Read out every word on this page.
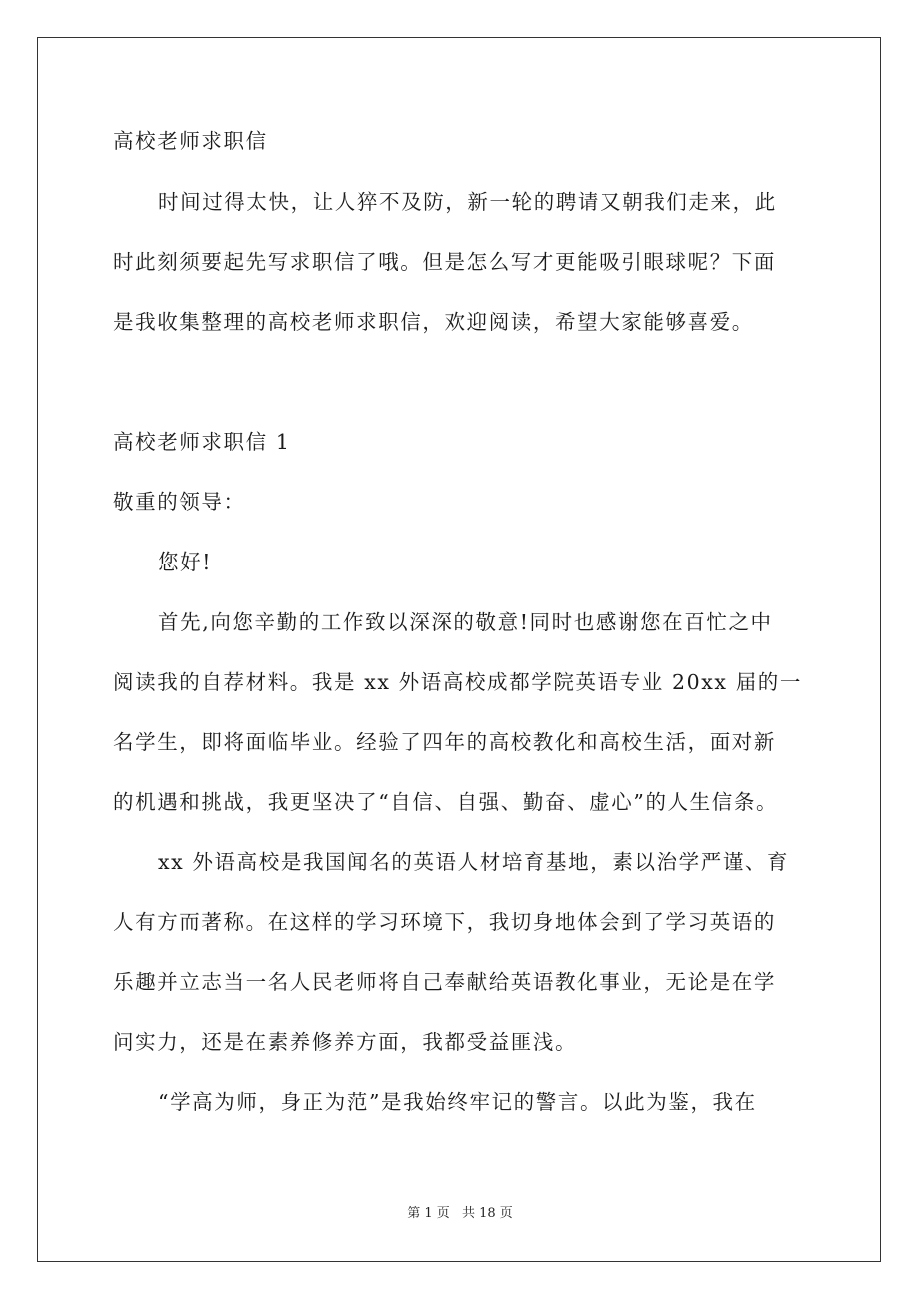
高校老师求职信
时间过得太快，让人猝不及防，新一轮的聘请又朝我们走来，此
时此刻须要起先写求职信了哦。但是怎么写才更能吸引眼球呢？下面
是我收集整理的高校老师求职信，欢迎阅读，希望大家能够喜爱。
高校老师求职信 1
敬重的领导：
您好!
首先,向您辛勤的工作致以深深的敬意!同时也感谢您在百忙之中
阅读我的自荐材料。我是 xx 外语高校成都学院英语专业 20xx 届的一
名学生，即将面临毕业。经验了四年的高校教化和高校生活，面对新
的机遇和挑战，我更坚决了“自信、自强、勤奋、虚心”的人生信条。
xx 外语高校是我国闻名的英语人材培育基地，素以治学严谨、育
人有方而著称。在这样的学习环境下，我切身地体会到了学习英语的
乐趣并立志当一名人民老师将自己奉献给英语教化事业，无论是在学
问实力，还是在素养修养方面，我都受益匪浅。
“学高为师，身正为范”是我始终牢记的警言。以此为鉴，我在
第 1 页 共 18 页
